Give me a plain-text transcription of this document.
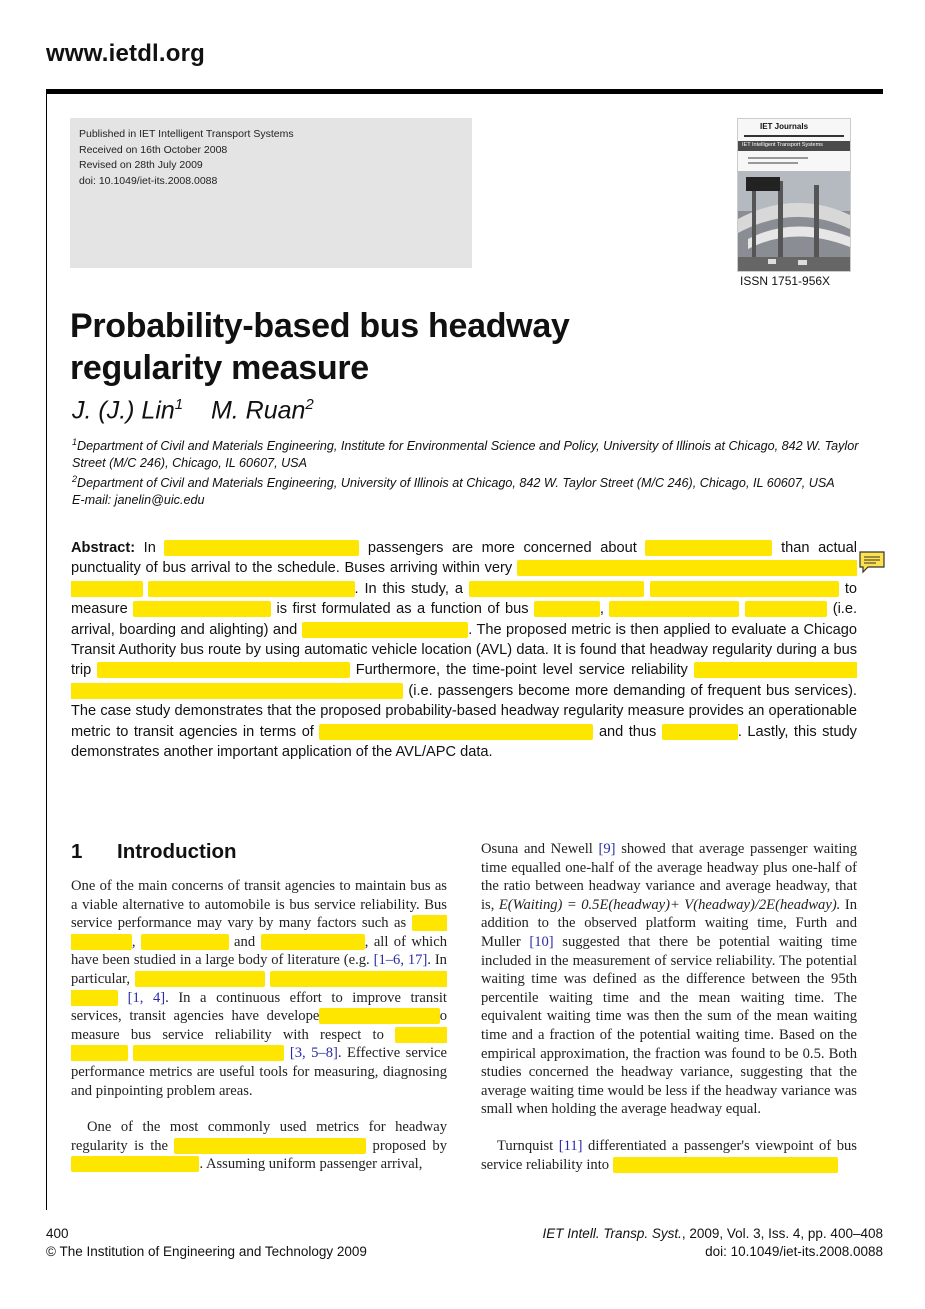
www.ietdl.org
Published in IET Intelligent Transport Systems
Received on 16th October 2008
Revised on 28th July 2009
doi: 10.1049/iet-its.2008.0088
IET Journals
IET Intelligent Transport Systems
ISSN 1751-956X
Probability-based bus headway
regularity measure
J. (J.) Lin$^1$ M. Ruan$^2$
$^1$Department of Civil and Materials Engineering, Institute for Environmental Science and Policy, University of Illinois at Chicago, 842 W. Taylor Street (M/C 246), Chicago, IL 60607, USA
$^2$Department of Civil and Materials Engineering, University of Illinois at Chicago, 842 W. Taylor Street (M/C 246), Chicago, IL 60607, USA
E-mail: janelin@uic.edu
Abstract: In	passengers are more concerned about	than actual punctuality of bus arrival to the schedule. Buses arriving within very . In this study, a	to measure	is first formulated as a function of bus	,	(i.e. arrival, boarding and alighting) and	. The proposed metric is then applied to evaluate a Chicago Transit Authority bus route by using automatic vehicle location (AVL) data. It is found that headway regularity during a bus trip	Furthermore, the time-point level service reliability (i.e. passengers become more demanding of frequent bus services). The case study demonstrates that the proposed probability-based headway regularity measure provides an operationable metric to transit agencies in terms of	and thus	. Lastly, this study demonstrates another important application of the AVL/APC data.
1 Introduction
One of the main concerns of transit agencies to maintain bus as a viable alternative to automobile is bus service reliability. Bus service performance may vary by many factors such as ,	and	, all of which have been studied in a large body of literature (e.g. [1–6, 17]. In particular, [1, 4]. In a continuous effort to improve transit services, transit agencies have develope	o measure bus service reliability with respect to [3, 5–8]. Effective service performance metrics are useful tools for measuring, diagnosing and pinpointing problem areas.
One of the most commonly used metrics for headway regularity is the	proposed by . Assuming uniform passenger arrival,
Osuna and Newell [9] showed that average passenger waiting time equalled one-half of the average headway plus one-half of the ratio between headway variance and average headway, that is, E(Waiting) = 0.5E(headway)+ V(headway)/2E(headway). In addition to the observed platform waiting time, Furth and Muller [10] suggested that there be potential waiting time included in the measurement of service reliability. The potential waiting time was defined as the difference between the 95th percentile waiting time and the mean waiting time. The equivalent waiting time was then the sum of the mean waiting time and a fraction of the potential waiting time. Based on the empirical approximation, the fraction was found to be 0.5. Both studies concerned the headway variance, suggesting that the average waiting time would be less if the headway variance was small when holding the average headway equal.
Turnquist [11] differentiated a passenger's viewpoint of bus service reliability into
400
© The Institution of Engineering and Technology 2009
IET Intell. Transp. Syst., 2009, Vol. 3, Iss. 4, pp. 400–408
doi: 10.1049/iet-its.2008.0088
